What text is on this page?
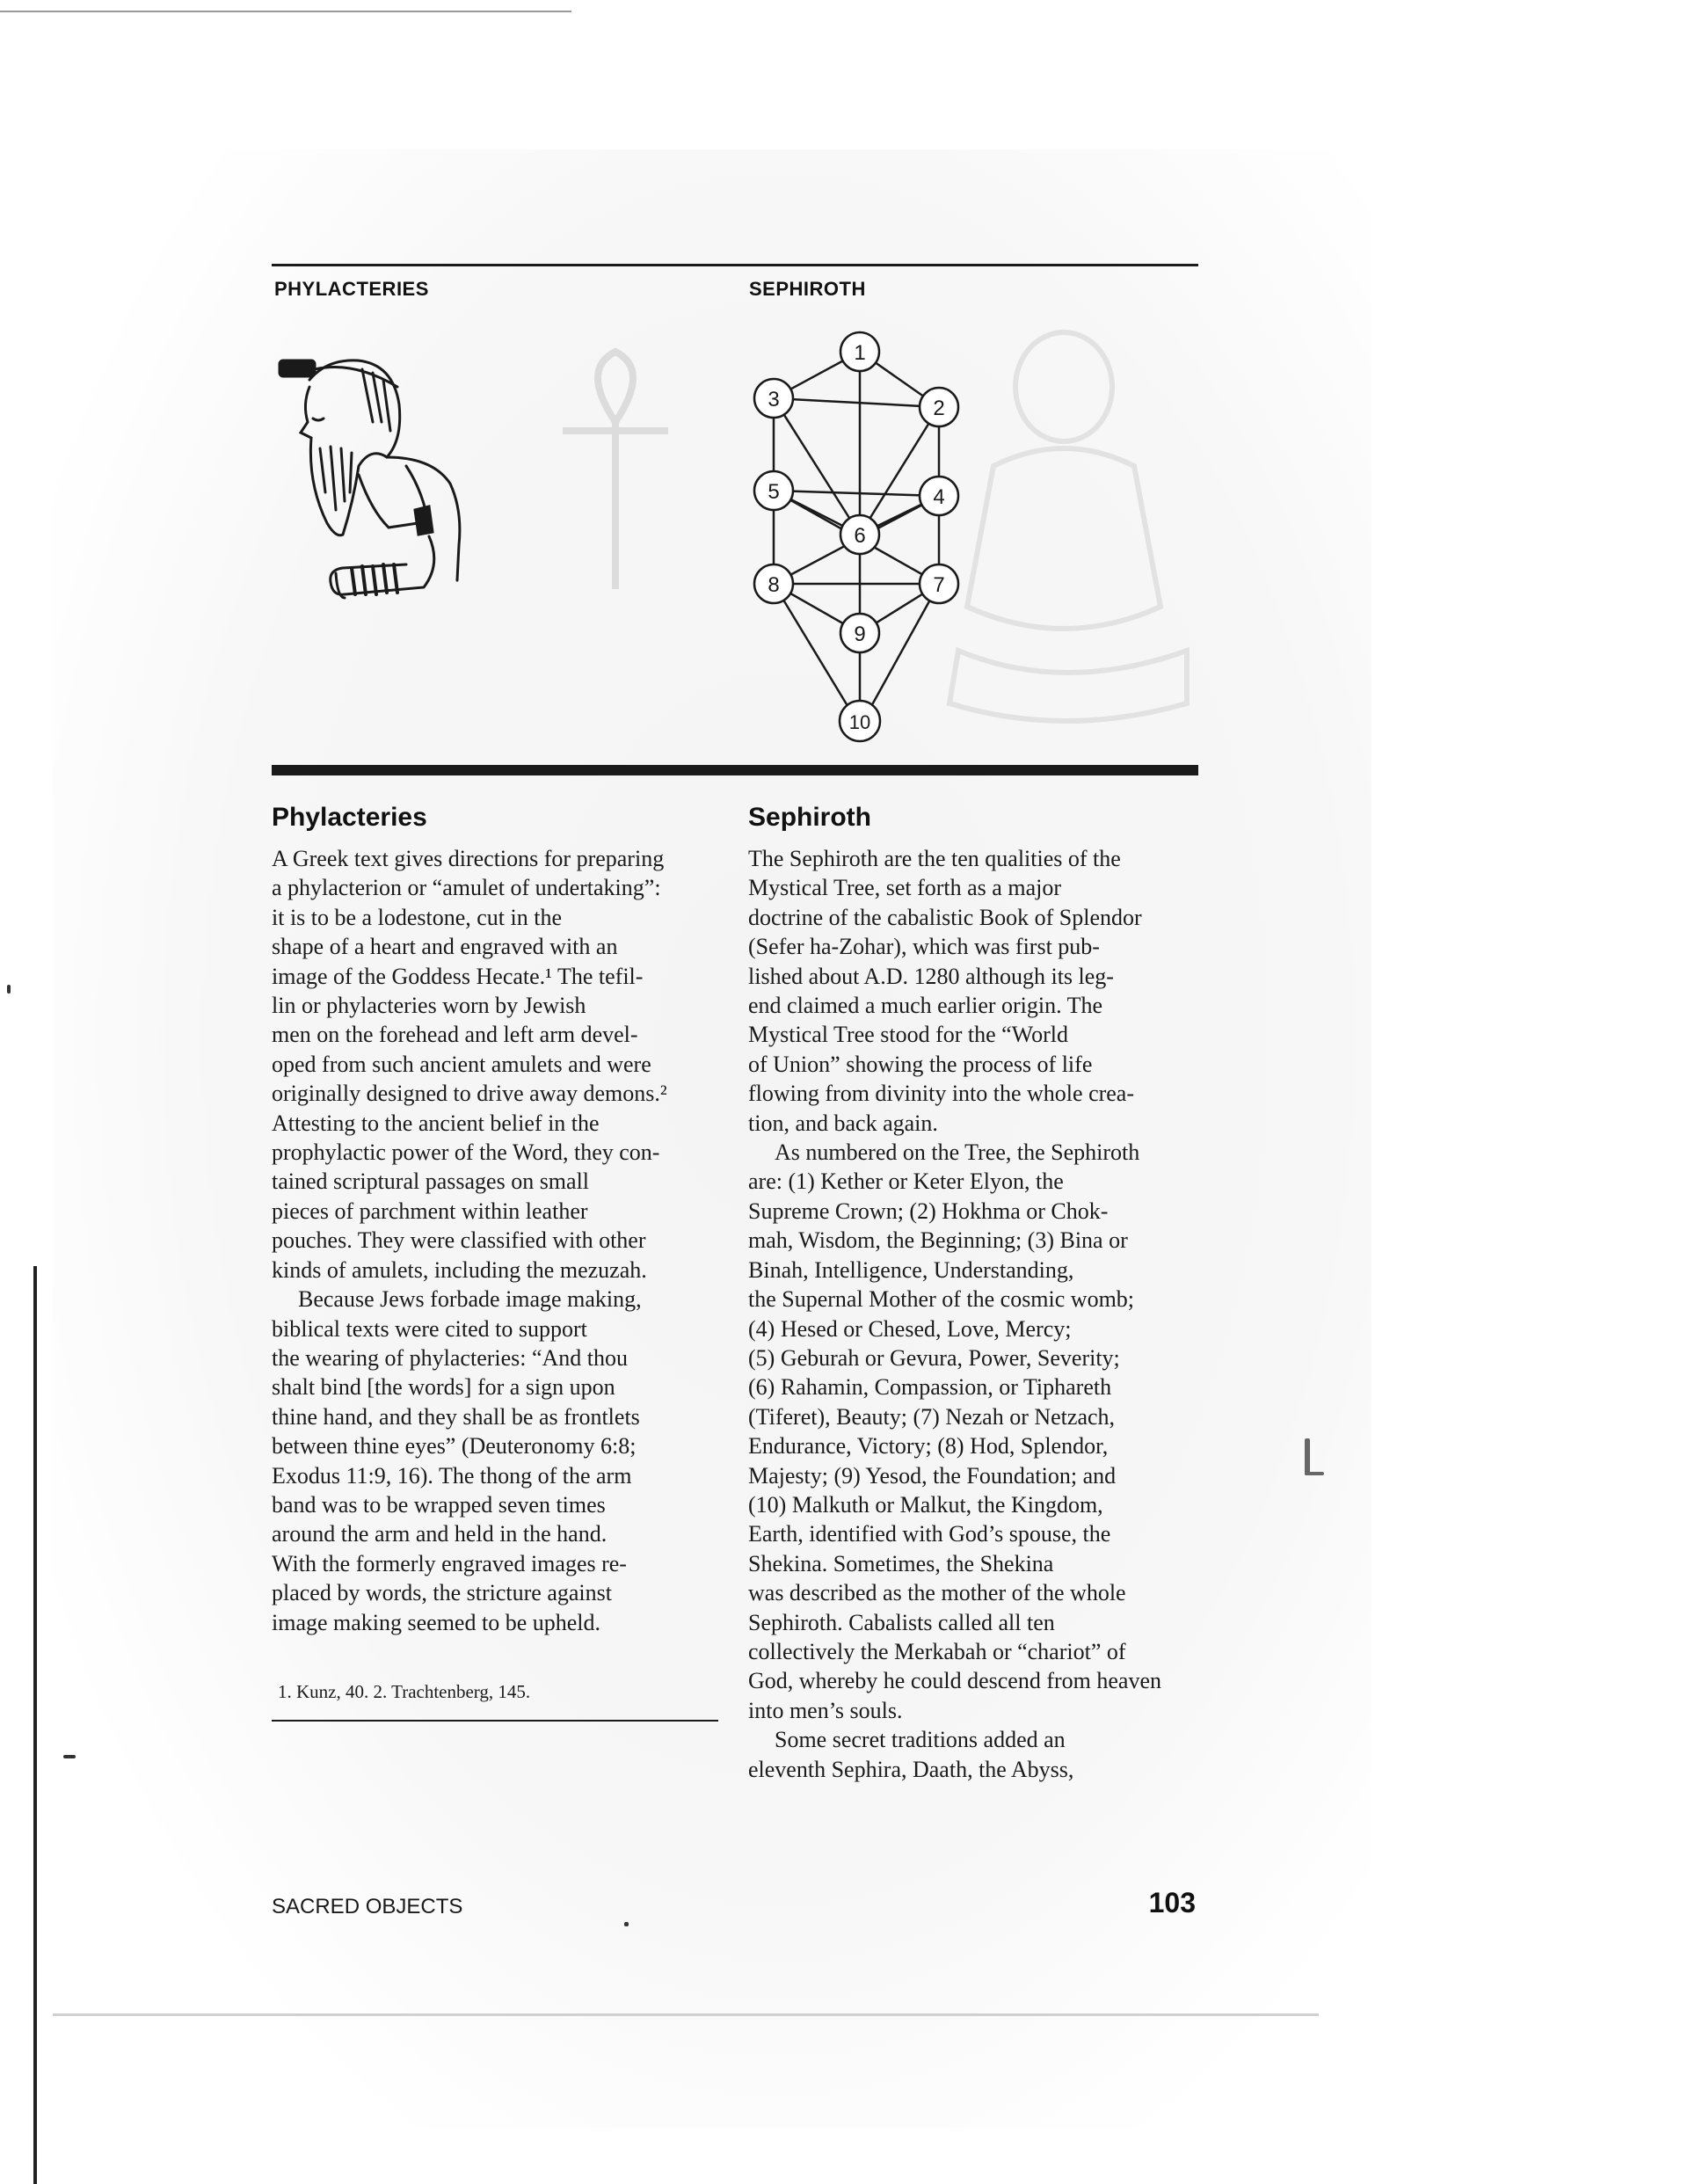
PHYLACTERIES	SEPHIROTH
1
2
3
4
5
6
7
8
9
10
Phylacteries

A Greek text gives directions for preparing
a phylacterion or “amulet of undertaking”:
it is to be a lodestone, cut in the
shape of a heart and engraved with an
image of the Goddess Hecate.¹ The tefil-
lin or phylacteries worn by Jewish
men on the forehead and left arm devel-
oped from such ancient amulets and were
originally designed to drive away demons.²
Attesting to the ancient belief in the
prophylactic power of the Word, they con-
tained scriptural passages on small
pieces of parchment within leather
pouches. They were classified with other
kinds of amulets, including the mezuzah.

Because Jews forbade image making,
biblical texts were cited to support
the wearing of phylacteries: “And thou
shalt bind [the words] for a sign upon
thine hand, and they shall be as frontlets
between thine eyes” (Deuteronomy 6:8;
Exodus 11:9, 16). The thong of the arm
band was to be wrapped seven times
around the arm and held in the hand.
With the formerly engraved images re-
placed by words, the stricture against
image making seemed to be upheld.

1. Kunz, 40. 2. Trachtenberg, 145.
Sephiroth

The Sephiroth are the ten qualities of the
Mystical Tree, set forth as a major
doctrine of the cabalistic Book of Splendor
(Sefer ha-Zohar), which was first pub-
lished about A.D. 1280 although its leg-
end claimed a much earlier origin. The
Mystical Tree stood for the “World
of Union” showing the process of life
flowing from divinity into the whole crea-
tion, and back again.

As numbered on the Tree, the Sephiroth
are: (1) Kether or Keter Elyon, the
Supreme Crown; (2) Hokhma or Chok-
mah, Wisdom, the Beginning; (3) Bina or
Binah, Intelligence, Understanding,
the Supernal Mother of the cosmic womb;
(4) Hesed or Chesed, Love, Mercy;
(5) Geburah or Gevura, Power, Severity;
(6) Rahamin, Compassion, or Tiphareth
(Tiferet), Beauty; (7) Nezah or Netzach,
Endurance, Victory; (8) Hod, Splendor,
Majesty; (9) Yesod, the Foundation; and
(10) Malkuth or Malkut, the Kingdom,
Earth, identified with God’s spouse, the
Shekina. Sometimes, the Shekina
was described as the mother of the whole
Sephiroth. Cabalists called all ten
collectively the Merkabah or “chariot” of
God, whereby he could descend from heaven
into men’s souls.

Some secret traditions added an
eleventh Sephira, Daath, the Abyss,

SACRED OBJECTS	103
